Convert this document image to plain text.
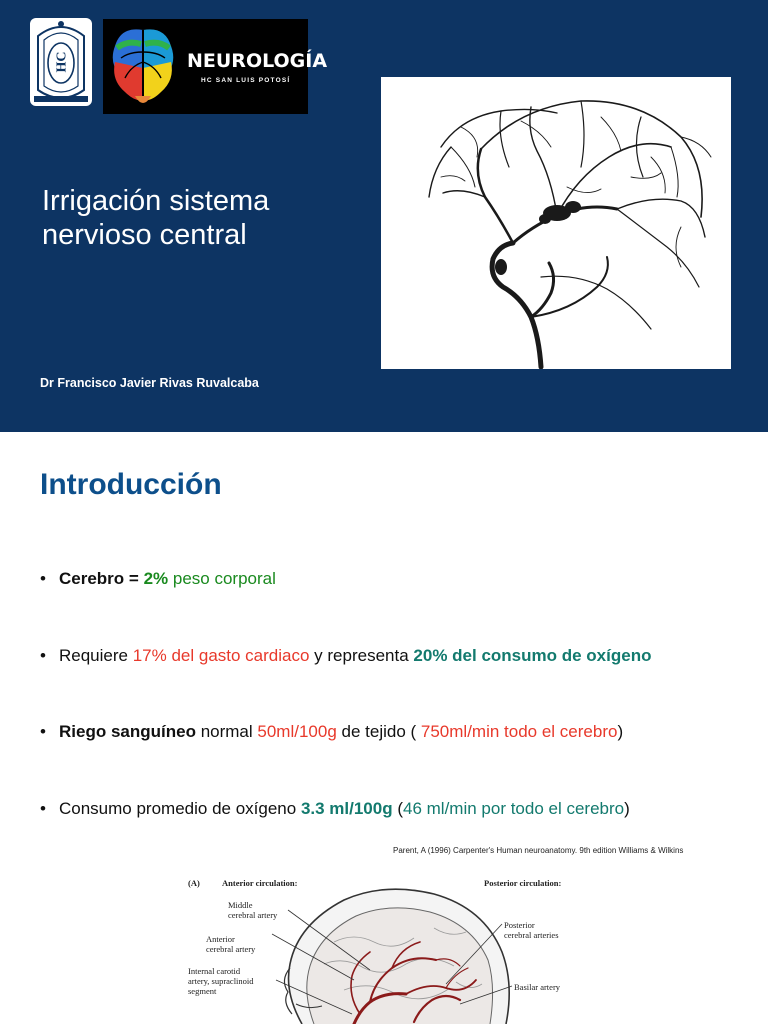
HC	NEUROLOGÍA
HC SAN LUIS POTOSÍ
Irrigación sistema
nervioso central
Dr Francisco Javier Rivas Ruvalcaba
Introducción
• Cerebro = 2% peso corporal
• Requiere 17% del gasto cardiaco y representa 20% del consumo de oxígeno
• Riego sanguíneo normal 50ml/100g de tejido ( 750ml/min todo el cerebro)
• Consumo promedio de oxígeno 3.3 ml/100g (46 ml/min por todo el cerebro)
Parent, A (1996) Carpenter's Human neuroanatomy. 9th edition Williams & Wilkins
(A)	Anterior circulation:	Posterior circulation:
Middle
cerebral artery
Anterior
cerebral artery
Internal carotid
artery, supraclinoid
segment
Posterior
cerebral arteries
Basilar artery
